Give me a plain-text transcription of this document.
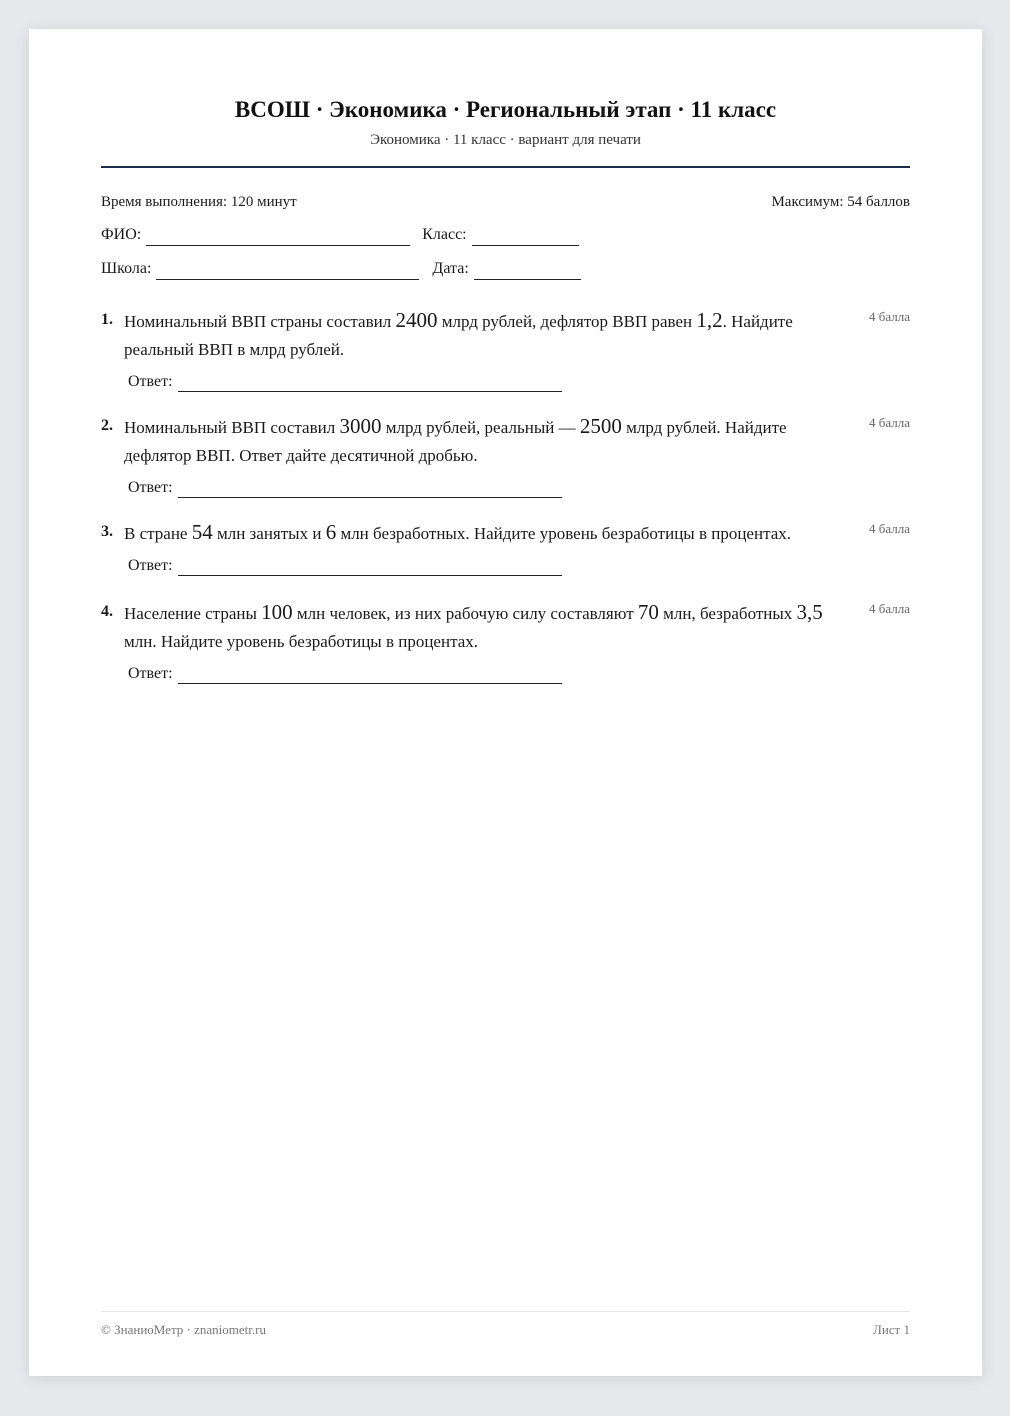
ВСОШ · Экономика · Региональный этап · 11 класс
Экономика · 11 класс · вариант для печати
Время выполнения: 120 минут	Максимум: 54 баллов
ФИО:	Класс:
Школа:	Дата:
1. Номинальный ВВП страны составил 2400 млрд рублей, дефлятор ВВП равен 1,2. Найдите реальный ВВП в млрд рублей.
4 балла
Ответ:
2. Номинальный ВВП составил 3000 млрд рублей, реальный — 2500 млрд рублей. Найдите дефлятор ВВП. Ответ дайте десятичной дробью.
4 балла
Ответ:
3. В стране 54 млн занятых и 6 млн безработных. Найдите уровень безработицы в процентах.	4 балла
Ответ:
4. Население страны 100 млн человек, из них рабочую силу составляют 70 млн, безработных 3,5 млн. Найдите уровень безработицы в процентах.
4 балла
Ответ:
© ЗнаниоМетр · znaniometr.ru	Лист 1
